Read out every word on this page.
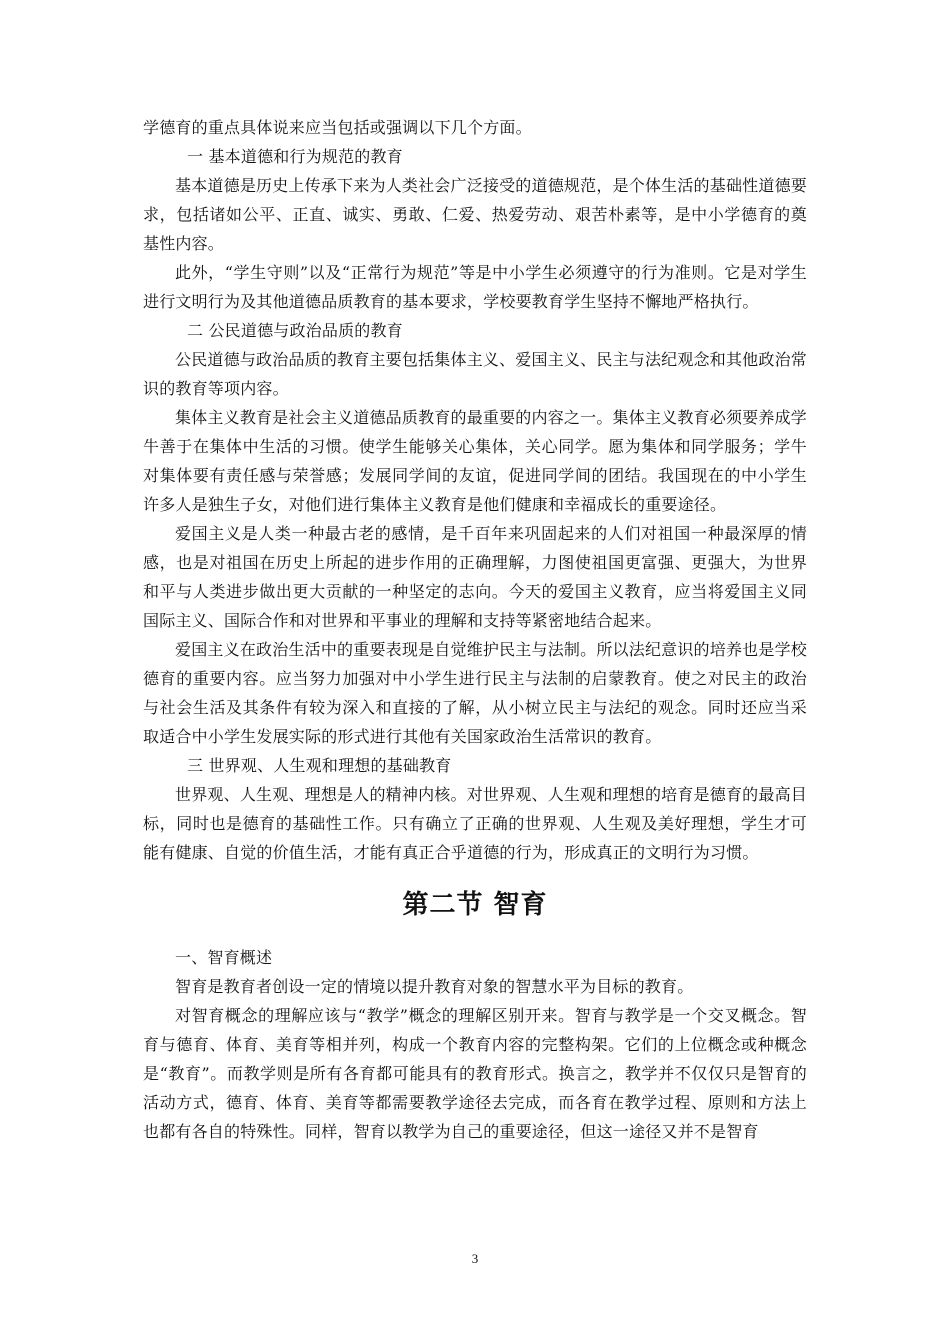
学德育的重点具体说来应当包括或强调以下几个方面。

一 基本道德和行为规范的教育

基本道德是历史上传承下来为人类社会广泛接受的道德规范，是个体生活的基础性道德要求，包括诸如公平、正直、诚实、勇敢、仁爱、热爱劳动、艰苦朴素等，是中小学德育的奠基性内容。

此外，“学生守则”以及“正常行为规范”等是中小学生必须遵守的行为准则。它是对学生进行文明行为及其他道德品质教育的基本要求，学校要教育学生坚持不懈地严格执行。

二 公民道德与政治品质的教育

公民道德与政治品质的教育主要包括集体主义、爱国主义、民主与法纪观念和其他政治常识的教育等项内容。

集体主义教育是社会主义道德品质教育的最重要的内容之一。集体主义教育必须要养成学牛善于在集体中生活的习惯。使学生能够关心集体，关心同学。愿为集体和同学服务；学牛对集体要有责任感与荣誉感；发展同学间的友谊，促进同学间的团结。我国现在的中小学生许多人是独生子女，对他们进行集体主义教育是他们健康和幸福成长的重要途径。

爱国主义是人类一种最古老的感情，是千百年来巩固起来的人们对祖国一种最深厚的情感，也是对祖国在历史上所起的进步作用的正确理解，力图使祖国更富强、更强大，为世界和平与人类进步做出更大贡献的一种坚定的志向。今天的爱国主义教育，应当将爱国主义同国际主义、国际合作和对世界和平事业的理解和支持等紧密地结合起来。

爱国主义在政治生活中的重要表现是自觉维护民主与法制。所以法纪意识的培养也是学校德育的重要内容。应当努力加强对中小学生进行民主与法制的启蒙教育。使之对民主的政治与社会生活及其条件有较为深入和直接的了解，从小树立民主与法纪的观念。同时还应当采取适合中小学生发展实际的形式进行其他有关国家政治生活常识的教育。

三 世界观、人生观和理想的基础教育

世界观、人生观、理想是人的精神内核。对世界观、人生观和理想的培育是德育的最高目标，同时也是德育的基础性工作。只有确立了正确的世界观、人生观及美好理想，学生才可能有健康、自觉的价值生活，才能有真正合乎道德的行为，形成真正的文明行为习惯。

第二节 智育

一、智育概述

智育是教育者创设一定的情境以提升教育对象的智慧水平为目标的教育。

对智育概念的理解应该与“教学”概念的理解区别开来。智育与教学是一个交叉概念。智育与德育、体育、美育等相并列，构成一个教育内容的完整构架。它们的上位概念或种概念是“教育”。而教学则是所有各育都可能具有的教育形式。换言之，教学并不仅仅只是智育的活动方式，德育、体育、美育等都需要教学途径去完成，而各育在教学过程、原则和方法上也都有各自的特殊性。同样，智育以教学为自己的重要途径，但这一途径又并不是智育

3
